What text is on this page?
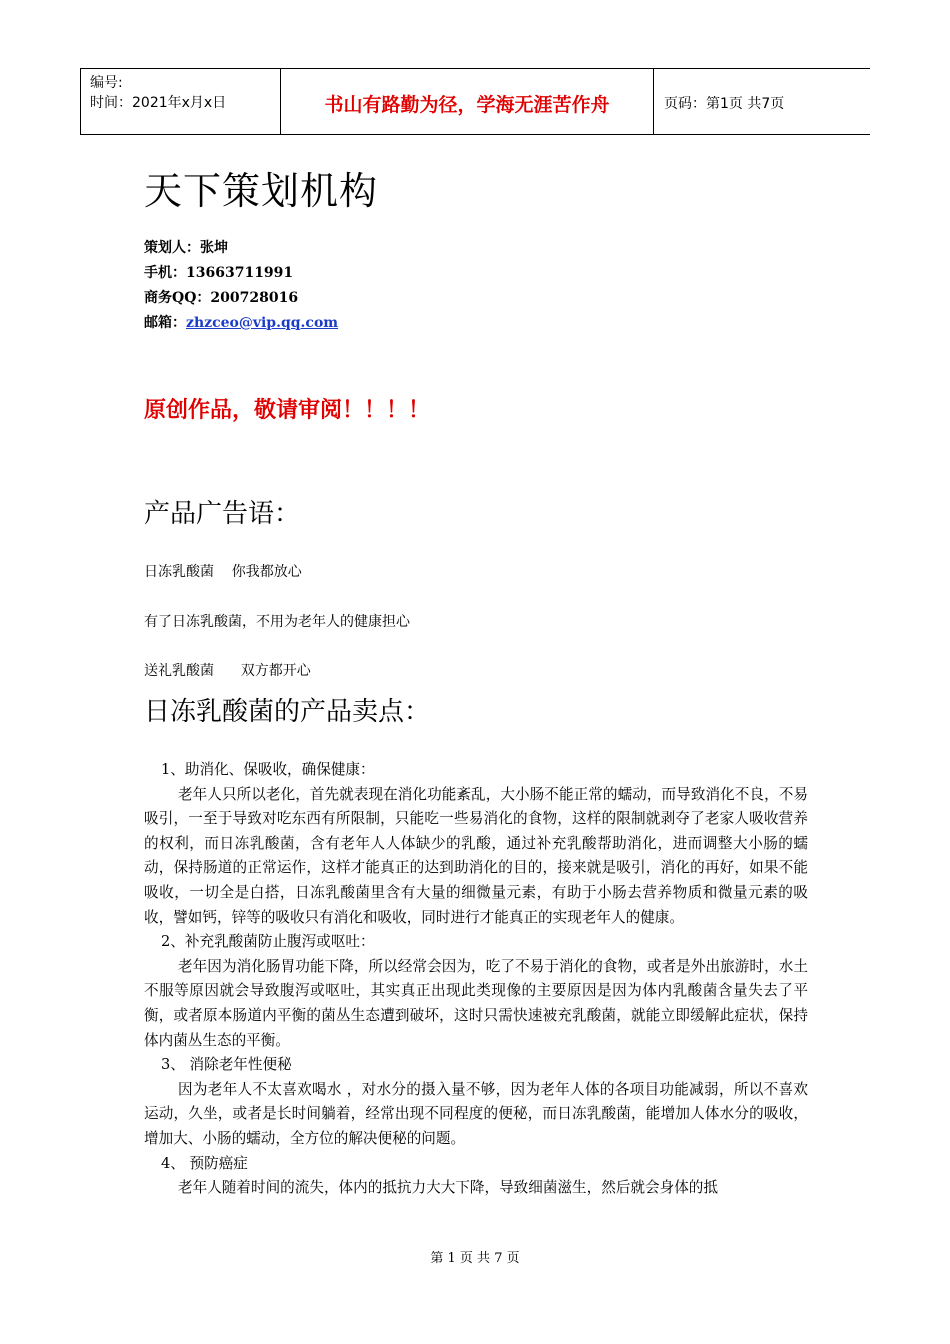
编号:
时间：2021年x月x日	书山有路勤为径，学海无涯苦作舟	页码：第1页 共7页
天下策划机构
策划人：张坤
手机：13663711991
商务QQ：200728016
邮箱：zhzceo@vip.qq.com
原创作品，敬请审阅！！！！
产品广告语：
日冻乳酸菌    你我都放心
有了日冻乳酸菌，不用为老年人的健康担心
送礼乳酸菌      双方都开心
日冻乳酸菌的产品卖点：
1、助消化、保吸收，确保健康：

老年人只所以老化，首先就表现在消化功能紊乱，大小肠不能正常的蠕动，而导致消化不良，不易吸引，一至于导致对吃东西有所限制，只能吃一些易消化的食物，这样的限制就剥夺了老家人吸收营养的权利，而日冻乳酸菌，含有老年人人体缺少的乳酸，通过补充乳酸帮助消化，进而调整大小肠的蠕动，保持肠道的正常运作，这样才能真正的达到助消化的目的，接来就是吸引，消化的再好，如果不能吸收，一切全是白搭，日冻乳酸菌里含有大量的细微量元素，有助于小肠去营养物质和微量元素的吸收，譬如钙，锌等的吸收只有消化和吸收，同时进行才能真正的实现老年人的健康。

2、补充乳酸菌防止腹泻或呕吐：

老年因为消化肠胃功能下降，所以经常会因为，吃了不易于消化的食物，或者是外出旅游时，水土不服等原因就会导致腹泻或呕吐，其实真正出现此类现像的主要原因是因为体内乳酸菌含量失去了平衡，或者原本肠道内平衡的菌丛生态遭到破坏，这时只需快速被充乳酸菌，就能立即缓解此症状，保持体内菌丛生态的平衡。

3、 消除老年性便秘

因为老年人不太喜欢喝水 ，对水分的摄入量不够，因为老年人体的各项目功能减弱，所以不喜欢运动，久坐，或者是长时间躺着，经常出现不同程度的便秘，而日冻乳酸菌，能增加人体水分的吸收，增加大、小肠的蠕动，全方位的解决便秘的问题。

4、 预防癌症

老年人随着时间的流失，体内的抵抗力大大下降，导致细菌滋生，然后就会身体的抵

第 1 页 共 7 页
